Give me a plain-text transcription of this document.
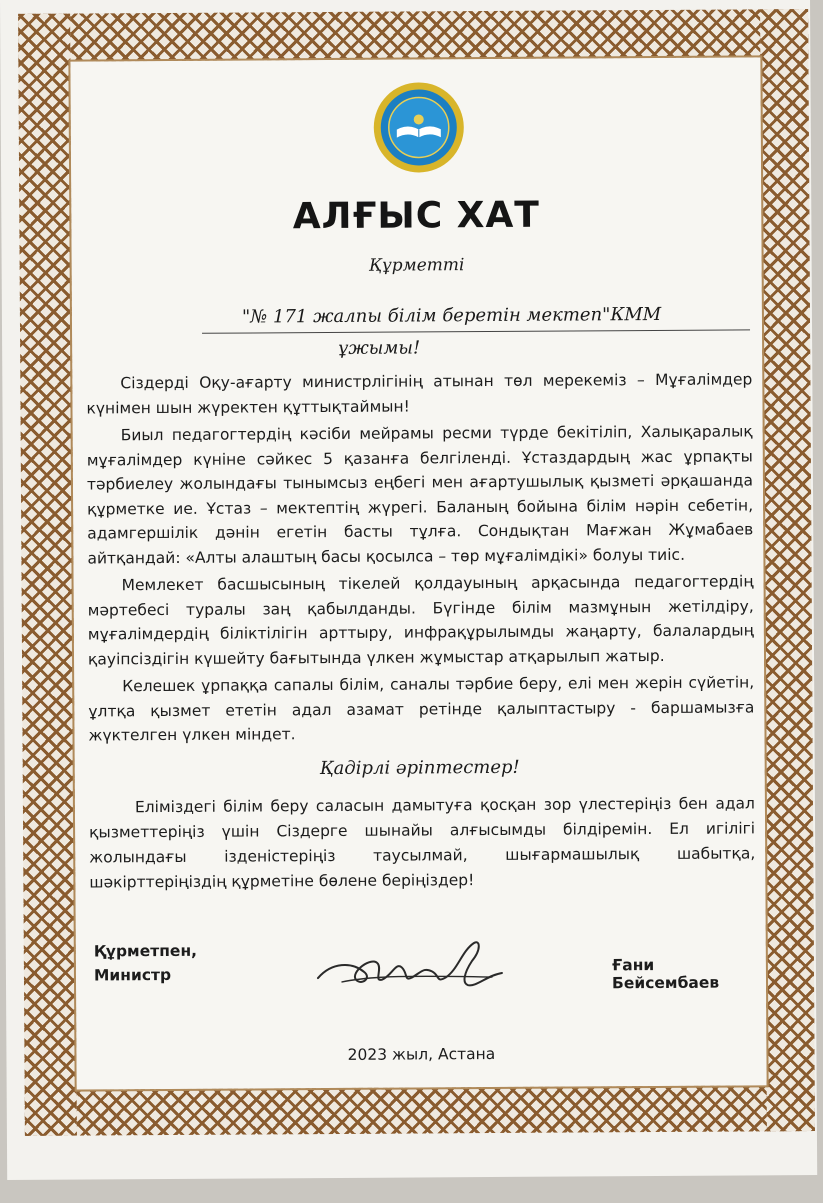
АЛҒЫС ХАТ
Құрметті
"№ 171 жалпы білім беретін мектеп"КММ
ұжымы!

Сіздерді Оқу-ағарту министрлігінің атынан төл мерекеміз – Мұғалімдер күнімен шын жүректен құттықтаймын!

Биыл педагогтердің кәсіби мейрамы ресми түрде бекітіліп, Халықаралық мұғалімдер күніне сәйкес 5 қазанға белгіленді. Ұстаздардың жас ұрпақты тәрбиелеу жолындағы тынымсыз еңбегі мен ағартушылық қызметі әрқашанда құрметке ие. Ұстаз – мектептің жүрегі. Баланың бойына білім нәрін себетін, адамгершілік дәнін егетін басты тұлға. Сондықтан Мағжан Жұмабаев айтқандай: «Алты алаштың басы қосылса – төр мұғалімдікі» болуы тиіс.

Мемлекет басшысының тікелей қолдауының арқасында педагогтердің мәртебесі туралы заң қабылданды. Бүгінде білім мазмұнын жетілдіру, мұғалімдердің біліктілігін арттыру, инфрақұрылымды жаңарту, балалардың қауіпсіздігін күшейту бағытында үлкен жұмыстар атқарылып жатыр.

Келешек ұрпаққа сапалы білім, саналы тәрбие беру, елі мен жерін сүйетін, ұлтқа қызмет ететін адал азамат ретінде қалыптастыру - баршамызға жүктелген үлкен міндет.

Қадірлі әріптестер!

Еліміздегі білім беру саласын дамытуға қосқан зор үлестеріңіз бен адал қызметтеріңіз үшін Сіздерге шынайы алғысымды білдіремін. Ел игілігі жолындағы ізденістеріңіз таусылмай, шығармашылық шабытқа, шәкірттеріңіздің құрметіне бөлене беріңіздер!

Құрметпен,
Министр
Ғани Бейсембаев
2023 жыл, Астана
